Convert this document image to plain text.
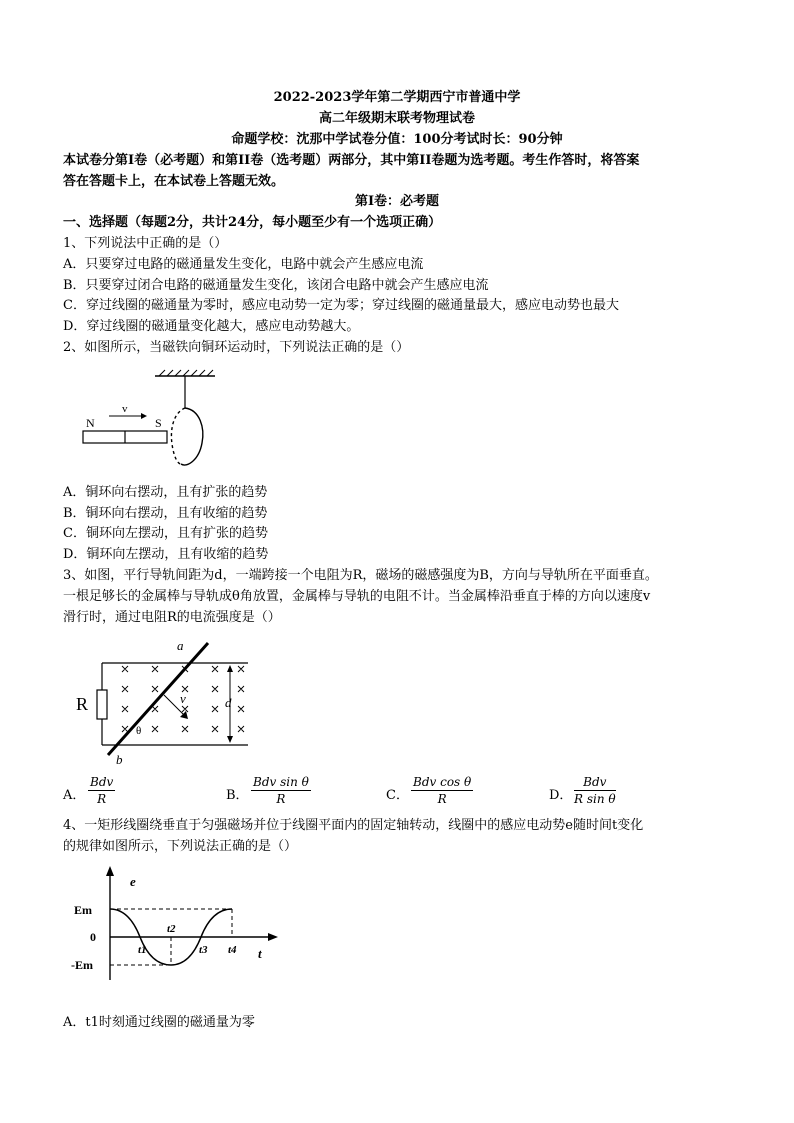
2022-2023学年第二学期西宁市普通中学
高二年级期末联考物理试卷
命题学校：沈那中学试卷分值：100分考试时长：90分钟
本试卷分第I卷（必考题）和第II卷（选考题）两部分，其中第II卷题为选考题。考生作答时，将答案
答在答题卡上，在本试卷上答题无效。
第I卷：必考题
一、选择题（每题2分，共计24分，每小题至少有一个选项正确）
1、下列说法中正确的是（）
A．只要穿过电路的磁通量发生变化，电路中就会产生感应电流
B．只要穿过闭合电路的磁通量发生变化，该闭合电路中就会产生感应电流
C．穿过线圈的磁通量为零时，感应电动势一定为零；穿过线圈的磁通量最大，感应电动势也最大
D．穿过线圈的磁通量变化越大，感应电动势越大。
2、如图所示，当磁铁向铜环运动时，下列说法正确的是（）
N	S
v
A．铜环向右摆动，且有扩张的趋势
B．铜环向右摆动，且有收缩的趋势
C．铜环向左摆动，且有扩张的趋势
D．铜环向左摆动，且有收缩的趋势
3、如图，平行导轨间距为d，一端跨接一个电阻为R，磁场的磁感强度为B，方向与导轨所在平面垂直。
一根足够长的金属棒与导轨成θ角放置，金属棒与导轨的电阻不计。当金属棒沿垂直于棒的方向以速度v
滑行时，通过电阻R的电流强度是（）
R
a
b
θ
v	d
A．
Bdv
R	B．
Bdv sin θ
R	C．
Bdv cos θ
R	D．
Bdv
R sin θ
4、一矩形线圈绕垂直于匀强磁场并位于线圈平面内的固定轴转动，线圈中的感应电动势e随时间t变化
的规律如图所示，下列说法正确的是（）
e
Em
0
-Em
t
t1
t2
t3 t4
A．t1时刻通过线圈的磁通量为零
